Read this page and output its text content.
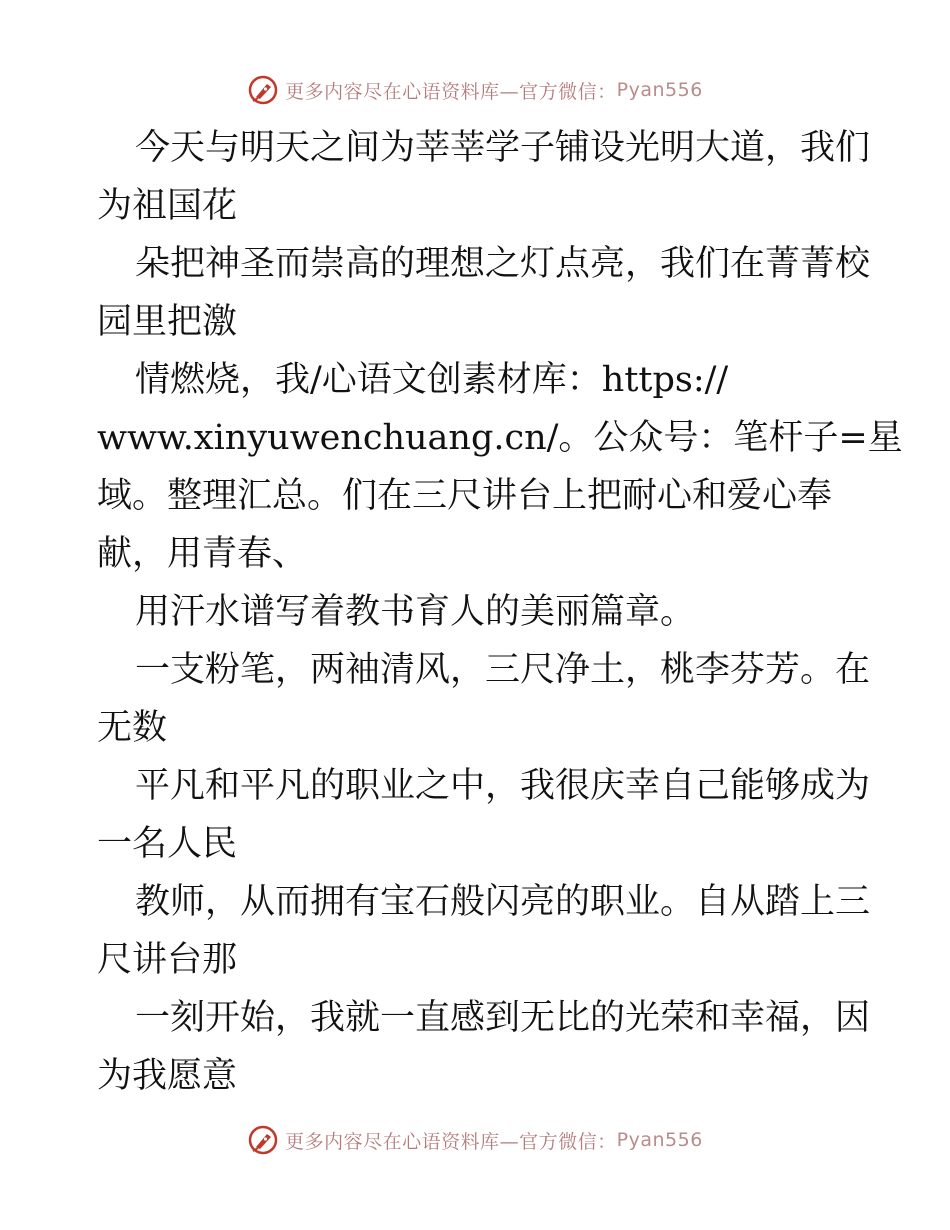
更多内容尽在心语资料库—官方微信： Pyan556
今天与明天之间为莘莘学子铺设光明大道，我们
为祖国花
朵把神圣而崇高的理想之灯点亮，我们在菁菁校
园里把激
情燃烧，我/心语文创素材库：https://
www.xinyuwenchuang.cn/。公众号：笔杆子=星
域。整理汇总。们在三尺讲台上把耐心和爱心奉
献，用青春、
用汗水谱写着教书育人的美丽篇章。
一支粉笔，两袖清风，三尺净土，桃李芬芳。在
无数
平凡和平凡的职业之中，我很庆幸自己能够成为
一名人民
教师，从而拥有宝石般闪亮的职业。自从踏上三
尺讲台那
一刻开始，我就一直感到无比的光荣和幸福，因
为我愿意
更多内容尽在心语资料库—官方微信： Pyan556
